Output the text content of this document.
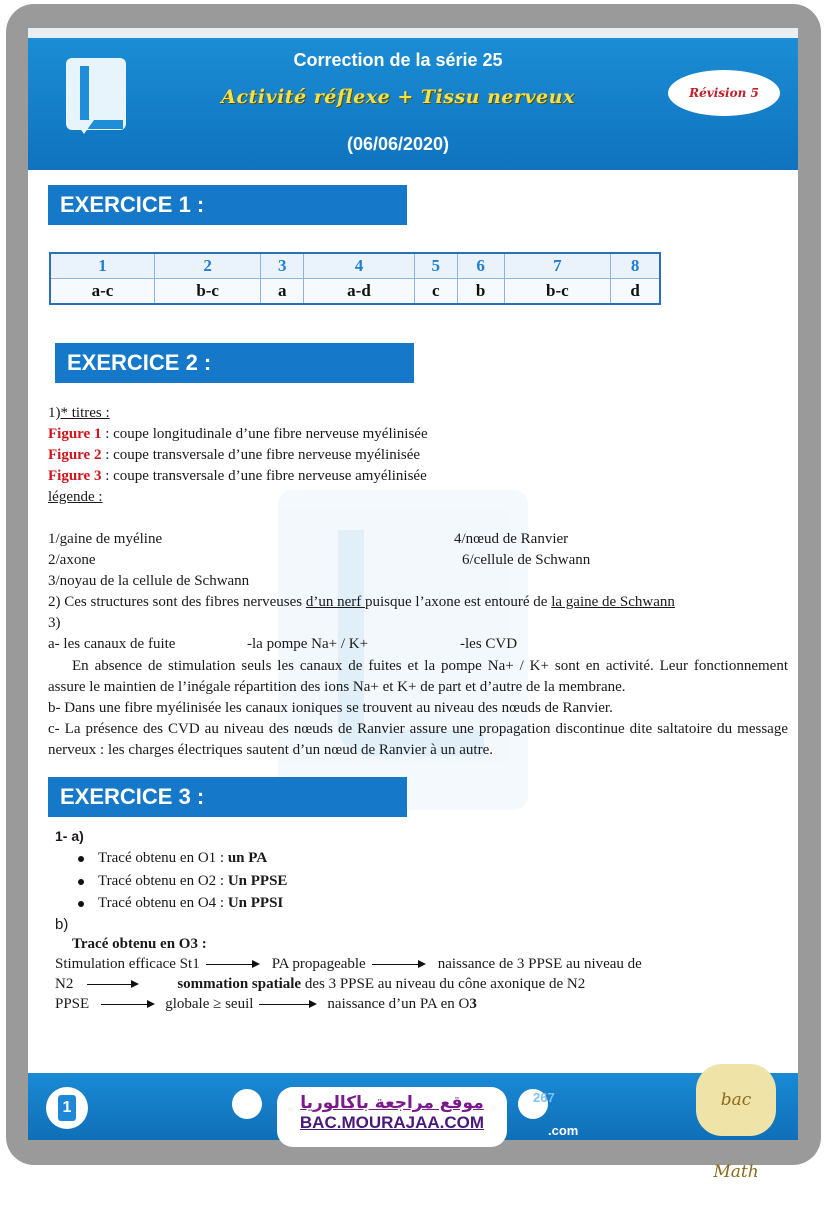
Correction de la série 25
Activité réflexe + Tissu nerveux
(06/06/2020)
Révision 5
EXERCICE 1 :
1	2	3	4	5	6	7	8
a-c	b-c	a	a-d	c	b	b-c	d
EXERCICE 2 :
1)* titres :
Figure 1 : coupe longitudinale d’une fibre nerveuse myélinisée
Figure 2 : coupe transversale d’une fibre nerveuse myélinisée
Figure 3 : coupe transversale d’une fibre nerveuse amyélinisée
légende :
1/gaine de myéline	4/nœud de Ranvier
2/axone	6/cellule de Schwann
3/noyau de la cellule de Schwann
2) Ces structures sont des fibres nerveuses d’un nerf puisque l’axone est entouré de la gaine de Schwann
3)
a- les canaux de fuite	-la pompe Na+ / K+	-les CVD
En absence de stimulation seuls les canaux de fuites et la pompe Na+ / K+ sont en activité. Leur fonctionnement assure le maintien de l’inégale répartition des ions Na+ et K+ de part et d’autre de la membrane.
b- Dans une fibre myélinisée les canaux ioniques se trouvent au niveau des nœuds de Ranvier.
c- La présence des CVD au niveau des nœuds de Ranvier assure une propagation discontinue dite saltatoire du message nerveux : les charges électriques sautent d’un nœud de Ranvier à un autre.
EXERCICE 3 :
1- a)
Tracé obtenu en O1 : un PA
Tracé obtenu en O2 : Un PPSE
Tracé obtenu en O4 : Un PPSI
b)
Tracé obtenu en O3 :
Stimulation efficace St1	PA propageable	naissance de 3 PPSE au niveau de
N2	sommation spatiale des 3 PPSE au niveau du cône axonique de N2
PPSE	globale ≥ seuil	naissance d’un PA en O3
1	موقع مراجعة باكالوريا
BAC.MOURAJAA.COM
267
.com
bac Math
